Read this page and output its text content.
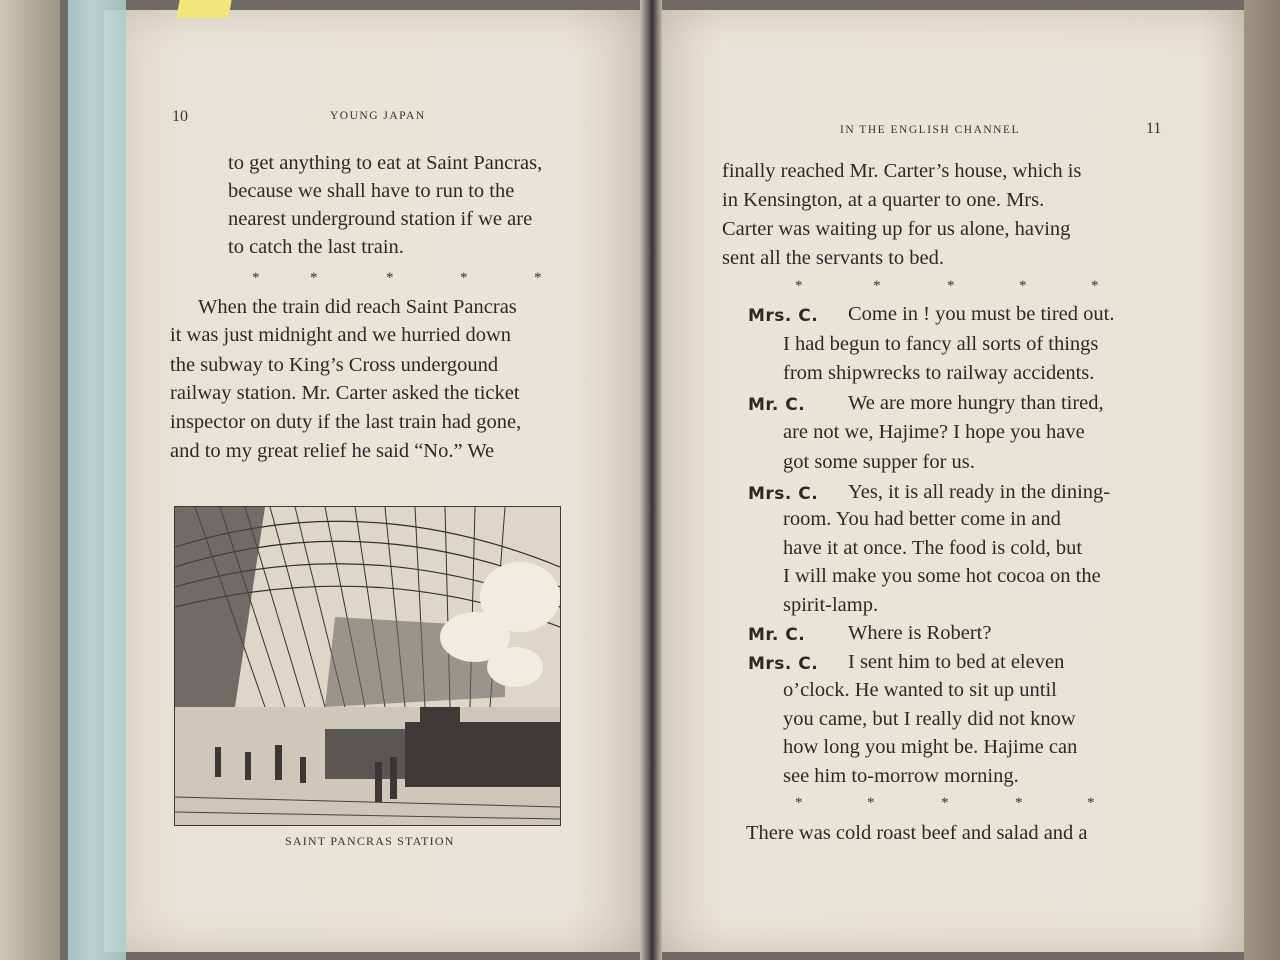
10	YOUNG JAPAN
to get anything to eat at Saint Pancras,
because we shall have to run to the
nearest underground station if we are
to catch the last train.
*	*	*	*	*
When the train did reach Saint Pancras
it was just midnight and we hurried down
the subway to King’s Cross undergound
railway station. Mr. Carter asked the ticket
inspector on duty if the last train had gone,
and to my great relief he said “No.” We
SAINT PANCRAS STATION
IN THE ENGLISH CHANNEL	11
finally reached Mr. Carter’s house, which is
in Kensington, at a quarter to one. Mrs.
Carter was waiting up for us alone, having
sent all the servants to bed.
*	*	*	*	*
Mrs. C. Come in ! you must be tired out.
I had begun to fancy all sorts of things
from shipwrecks to railway accidents.
Mr. C. We are more hungry than tired,
are not we, Hajime? I hope you have
got some supper for us.
Mrs. C. Yes, it is all ready in the dining-
room. You had better come in and
have it at once. The food is cold, but
I will make you some hot cocoa on the
spirit-lamp.
Mr. C. Where is Robert?
Mrs. C. I sent him to bed at eleven
o’clock. He wanted to sit up until
you came, but I really did not know
how long you might be. Hajime can
see him to-morrow morning.
*	*	*	*	*
There was cold roast beef and salad and a
